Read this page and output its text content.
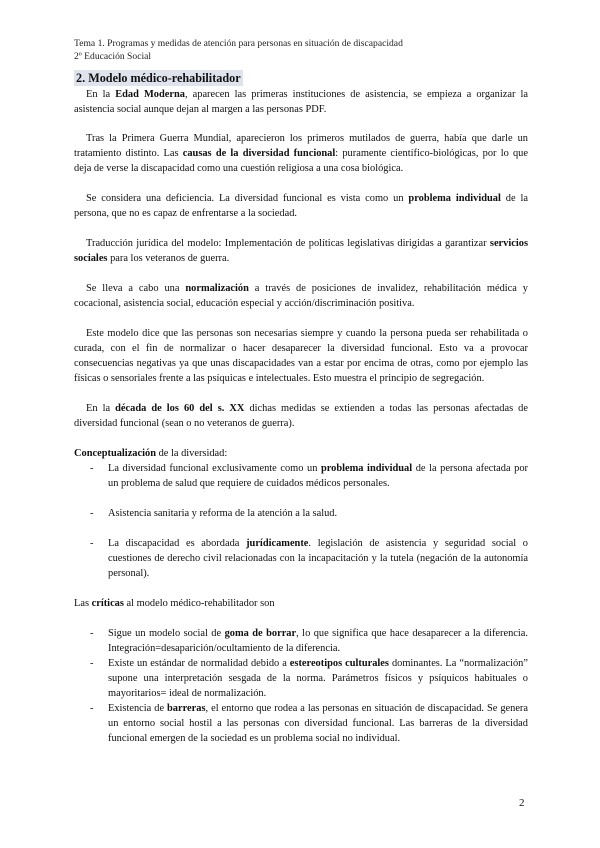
Tema 1. Programas y medidas de atención para personas en situación de discapacidad
2º Educación Social
2. Modelo médico-rehabilitador

En la Edad Moderna, aparecen las primeras instituciones de asistencia, se empieza a organizar la asistencia social aunque dejan al margen a las personas PDF.

Tras la Primera Guerra Mundial, aparecieron los primeros mutilados de guerra, había que darle un tratamiento distinto. Las causas de la diversidad funcional: puramente científico-biológicas, por lo que deja de verse la discapacidad como una cuestión religiosa a una cosa biológica.

Se considera una deficiencia. La diversidad funcional es vista como un problema individual de la persona, que no es capaz de enfrentarse a la sociedad.

Traducción jurídica del modelo: Implementación de políticas legislativas dirigidas a garantizar servicios sociales para los veteranos de guerra.

Se lleva a cabo una normalización a través de posiciones de invalidez, rehabilitación médica y cocacional, asistencia social, educación especial y acción/discriminación positiva.

Este modelo dice que las personas son necesarias siempre y cuando la persona pueda ser rehabilitada o curada, con el fin de normalizar o hacer desaparecer la diversidad funcional. Esto va a provocar consecuencias negativas ya que unas discapacidades van a estar por encima de otras, como por ejemplo las físicas o sensoriales frente a las psíquicas e intelectuales. Esto muestra el principio de segregación.

En la década de los 60 del s. XX dichas medidas se extienden a todas las personas afectadas de diversidad funcional (sean o no veteranos de guerra).

Conceptualización de la diversidad:
- La diversidad funcional exclusivamente como un problema individual de la persona afectada por un problema de salud que requiere de cuidados médicos personales.
- Asistencia sanitaria y reforma de la atención a la salud.
- La discapacidad es abordada jurídicamente. legislación de asistencia y seguridad social o cuestiones de derecho civil relacionadas con la incapacitación y la tutela (negación de la autonomía personal).

Las críticas al modelo médico-rehabilitador son

- Sigue un modelo social de goma de borrar, lo que significa que hace desaparecer a la diferencia. Integración=desaparición/ocultamiento de la diferencia.
- Existe un estándar de normalidad debido a estereotipos culturales dominantes. La “normalización” supone una interpretación sesgada de la norma. Parámetros físicos y psíquicos habituales o mayoritarios= ideal de normalización.
- Existencia de barreras, el entorno que rodea a las personas en situación de discapacidad. Se genera un entorno social hostil a las personas con diversidad funcional. Las barreras de la diversidad funcional emergen de la sociedad es un problema social no individual.
2
